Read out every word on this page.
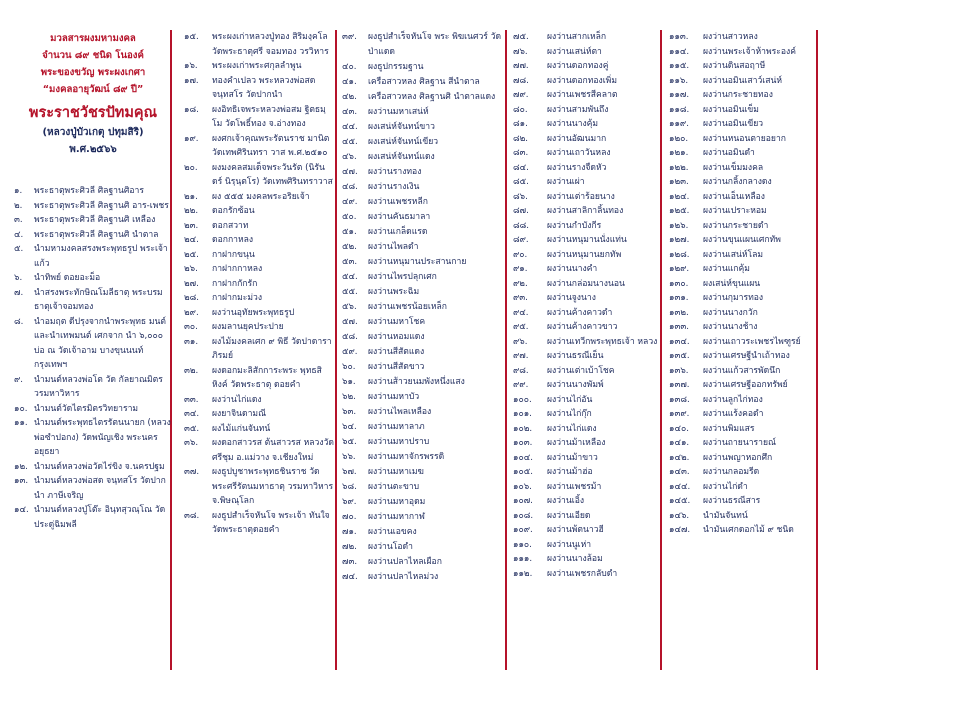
มวลสารผงมหามงคล
จำนวน ๘๙ ชนิด โนองค์
พระของขวัญ พระผงเกศา
“มงคลอายุวัฒน์ ๘๙ ปี”
พระราชวัชรปัทมคุณ
(หลวงปู่บัวเกตุ ปทุมสิริ)
พ.ศ.๒๕๖๖
๑.	พระธาตุพระศิวลี ศิลฐานศิอาร
๒.	พระธาตุพระศิวลี ศิลฐานศิ อาร-เพชร
๓.	พระธาตุพระศิวลี ศิลฐานศิ เหลือง
๔.	พระธาตุพระศิวลี ศิลฐานศิ นำตาล
๕.	นำมหามงคลสรงพระพุทธรูป พระเจ้าแก้ว
๖.	นำทิพย์ ดอยอะม็อ
๗.	นำสรงพระทักษิณโมลีธาตุ พระบรมธาตุเจ้าจอมทอง
๘.	นำอมฤต ดีปรุงจากนำพระพุทธ มนต์ และนำเทพมนต์ เศกจาก นำ ๖,๐๐๐ บ่อ ณ วัดเจ้าอาม บางขุนนนท์ กรุงเทพฯ
๙.	นำมนต์หลวงพ่อโต วัด กัลยาณมิตร วรมหาวิหาร
๑๐. นำมนต์วัดไตรมิตรวิทยาราม
๑๑. นำมนต์พระพุทธไตรรัตนนายก (หลวงพ่อซำปอกง) วัดพนัญเชิง พระนครอยุธยา
๑๒. นำมนต์หลวงพ่อวัดไร่ขิง จ.นครปฐม
๑๓. นำมนต์หลวงพ่อสด จนฺทสโร วัดปากนำ ภาษีเจริญ
๑๔. นำมนต์หลวงปู่โต๊ะ อินฺทสุวณฺโณ วัดประดู่ฉิมพลี
๑๕.	พระผงเก่าหลวงปู่ทอง สิริมงฺคโล วัดพระธาตุศรี จอมทอง วรวิหาร
๑๖.	พระผงเก่าพระศกุลลำพูน
๑๗.	ทองคำเปลว พระหลวงพ่อสด จนฺทสโร วัดปากนำ
๑๘.	ผงอิทธิเจพระหลวงพ่อสม ฐิตธมฺโม วัดโพธิ์ทอง จ.อ่างทอง
๑๙.	ผงศกเจ้าคุณพระรัตนราช มานิต วัดเทพศิรินทรา วาส พ.ศ.๒๕๑๐
๒๐.	ผงมงคลสมเด็จพระวันรัต (นิรันดร์ นิรฺนฺตโร) วัดเทพศิรินทราวาส
๒๑.	ผง ๕๕๕ มงคลพระอริยเจ้า
๒๒.	ดอกรักซ้อน
๒๓.	ดอกสวาท
๒๔.	ดอกกาหลง
๒๕.	กาฝากขนุน
๒๖.	กาฝากกาหลง
๒๗.	กาฝากกักรัก
๒๘.	กาฝากมะม่วง
๒๙.	ผงว่านอุทัยพระพุทธรูป
๓๐.	ผงมลานยุคประปาย
๓๑.	ผงไม้มงคลเศก ๙ พิธี วัดปาดาราภิรมย์
๓๒.	ผงดอกมะลิสักการะพระ พุทธสิหิงค์ วัดพระธาตุ ดอยคำ
๓๓.	ผงว่านไก่แดง
๓๔.	ผงยาจินดามณี
๓๕.	ผงไม้แก่นจันทน์
๓๖.	ผงดอกสาวรส ต้นสาวรส หลวงวัดศรีชุม อ.แม่วาง จ.เชียงใหม่
๓๗.	ผงธูปบูชาพระพุทธชินราช วัดพระศรีรัตนมหาธาตุ วรมหาวิหาร จ.พิษณุโลก
๓๘.	ผงธูปสำเร็จหันโจ พระเจ้า ทันใจ วัดพระธาตุดอยคำ
๓๙.	ผงธูปสำเร็จหันโจ พระ พิฆเนศวร์ วัดป่าแดด
๔๐.	ผงธูปกรรมฐาน
๔๑.	เครือสาวหลง ศิลฐาน สีนำตาล
๔๒.	เครือสาวหลง ศิลฐานศิ นำตาลแดง
๔๓.	ผงว่านมหาเสน่ห์
๔๔.	ผงเสน่ห์จันทน์ขาว
๔๕.	ผงเสน่ห์จันทน์เขียว
๔๖.	ผงเสน่ห์จันทน์แดง
๔๗.	ผงว่านรางทอง
๔๘.	ผงว่านรางเงิน
๔๙.	ผงว่านเพชรหลีก
๕๐.	ผงว่านคันธมาลา
๕๑.	ผงว่านเกล็ดแรด
๕๒.	ผงว่านไพลดำ
๕๓.	ผงว่านหนุมานประสานกาย
๕๔.	ผงว่านไพรปลุกเศก
๕๕.	ผงว่านพระฉิม
๕๖.	ผงว่านเพชรน้อยเหล็ก
๕๗.	ผงว่านมหาโชค
๕๘.	ผงว่านหอมแดง
๕๙.	ผงว่านสีสัตแดง
๖๐.	ผงว่านสีสัตขาว
๖๑.	ผงว่านส้าวยนมพังหนึ่งแสง
๖๒.	ผงว่านมหาบัว
๖๓.	ผงว่านไพลเหลือง
๖๔.	ผงว่านมหาลาภ
๖๕.	ผงว่านมหาปราบ
๖๖.	ผงว่านมหาจักรพรรดิ
๖๗.	ผงว่านมหาเมฆ
๖๘.	ผงว่านตะขาบ
๖๙.	ผงว่านมหาอุดม
๗๐.	ผงว่านมหากาฬ
๗๑.	ผงว่านเอขคง
๗๒.	ผงว่านโอดำ
๗๓.	ผงว่านปลาไหลเผือก
๗๔.	ผงว่านปลาไหลม่วง
๗๕.	ผงว่านสากเหล็ก
๗๖.	ผงว่านเสน่ห์ตา
๗๗.	ผงว่านดอกทองคู่
๗๘.	ผงว่านดอกทองเพิ่ม
๗๙.	ผงว่านเพชรสีคลาต
๘๐.	ผงว่านสามพันถึง
๘๑.	ผงว่านนางคุ้ม
๘๒.	ผงว่านอัฒนมาก
๘๓.	ผงว่านเถาวันหลง
๘๔.	ผงว่านรางจืดหัว
๘๕.	ผงว่านเผ่า
๘๖.	ผงว่านเต่าร้อยนาง
๘๗.	ผงว่านสาลิกาลิ้นทอง
๘๘.	ผงว่านกำบังกีร
๘๙.	ผงว่านหนุมานนั่งแท่น
๙๐.	ผงว่านหนุมานยกทัพ
๙๑.	ผงว่านนางคำ
๙๒.	ผงว่านกล่อมนางนอน
๙๓.	ผงว่านจูงนาง
๙๔.	ผงว่านค้างคาวดำ
๙๕.	ผงว่านค้างคาวขาว
๙๖.	ผงว่านเทวีกพระพุทธเจ้า หลวง
๙๗.	ผงว่านธรณีเย็น
๙๘.	ผงว่านเต่าเบ้าโชค
๙๙.	ผงว่านนางพัมพ์
๑๐๐.	ผงว่านไก่อัน
๑๐๑.	ผงว่านไก่กุ๊ก
๑๐๒.	ผงว่านไก่แดง
๑๐๓.	ผงว่านม้าเหลือง
๑๐๔.	ผงว่านม้าขาว
๑๐๕.	ผงว่านม้าฮ่อ
๑๐๖.	ผงว่านเพชรม้า
๑๐๗.	ผงว่านเอิ้ง
๑๐๘.	ผงว่านเอียด
๑๐๙.	ผงว่านพ้ตนาวฮี
๑๑๐.	ผงว่านนูเห่า
๑๑๑.	ผงว่านนางล้อม
๑๑๒.	ผงว่านเพชรกลับดำ
๑๑๓.	ผงว่านสาวหลง
๑๑๔.	ผงว่านพระเจ้าห้าพระองค์
๑๑๕.	ผงว่านดินสอฤาษี
๑๑๖.	ผงว่านอมินเสาว์เสน่ห์
๑๑๗.	ผงว่านกระชายทอง
๑๑๘.	ผงว่านอมินเข็ม
๑๑๙.	ผงว่านอมินเขียว
๑๒๐.	ผงว่านหนอนตายอยาก
๑๒๑.	ผงว่านอมินดำ
๑๒๒.	ผงว่านเข็มมงคล
๑๒๓.	ผงว่านกลิ้งกลางดง
๑๒๔.	ผงว่านเอ็นเหลือง
๑๒๕.	ผงว่านเปราะหอม
๑๒๖.	ผงว่านกระชายดำ
๑๒๗.	ผงว่านขุนแผนเศกทัพ
๑๒๘.	ผงว่านเสน่ห์โลม
๑๒๙.	ผงว่านแกคุ้ม
๑๓๐.	ผงเสน่ห์ขุนแผน
๑๓๑.	ผงว่านกุมารทอง
๑๓๒.	ผงว่านนางกวัก
๑๓๓.	ผงว่านนางช้าง
๑๓๔.	ผงว่านเถาวระเพชรไพฑูรย์
๑๓๕.	ผงว่านเศรษฐีนำเถ้าทอง
๑๓๖.	ผงว่านแก้วสารพัดนึก
๑๓๗.	ผงว่านเศรษฐีออกทรัพย์
๑๓๘.	ผงว่านลูกไก่ทอง
๑๓๙.	ผงว่านแร้งคอดำ
๑๔๐.	ผงว่านพิมแสร
๑๔๑.	ผงว่านถายนารายณ์
๑๔๒.	ผงว่านพญาหอกศึก
๑๔๓.	ผงว่านกลอมรีด
๑๔๔.	ผงว่านไก่ดำ
๑๔๕.	ผงว่านธรณีสาร
๑๔๖.	นำมันจันทน์
๑๔๗.	นำมันเศกดอกไม้ ๙ ชนิด
